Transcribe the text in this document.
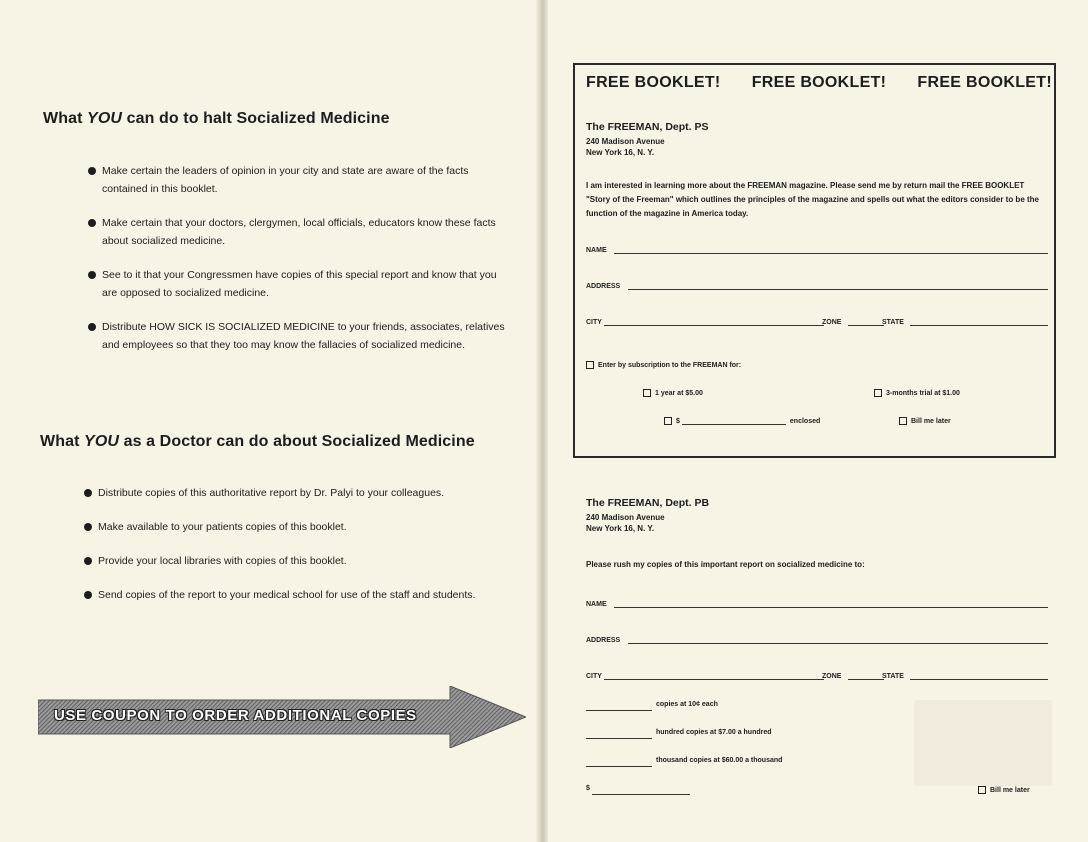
What YOU can do to halt Socialized Medicine
Make certain the leaders of opinion in your city and state are aware of the facts contained in this booklet.
Make certain that your doctors, clergymen, local officials, educators know these facts about socialized medicine.
See to it that your Congressmen have copies of this special report and know that you are opposed to socialized medicine.
Distribute HOW SICK IS SOCIALIZED MEDICINE to your friends, associates, relatives and employees so that they too may know the fallacies of socialized medicine.
What YOU as a Doctor can do about Socialized Medicine
Distribute copies of this authoritative report by Dr. Palyi to your colleagues.
Make available to your patients copies of this booklet.
Provide your local libraries with copies of this booklet.
Send copies of the report to your medical school for use of the staff and students.
USE COUPON TO ORDER ADDITIONAL COPIES
FREE BOOKLET! FREE BOOKLET! FREE BOOKLET!
The FREEMAN, Dept. PS
240 Madison Avenue
New York 16, N. Y.
I am interested in learning more about the FREEMAN magazine. Please send me by return mail the FREE BOOKLET "Story of the Freeman" which outlines the principles of the magazine and spells out what the editors consider to be the function of the magazine in America today.
NAME
ADDRESS
CITY	ZONE	STATE
Enter by subscription to the FREEMAN for:
1 year at $5.00	3-months trial at $1.00
$	enclosed	Bill me later
The FREEMAN, Dept. PB
240 Madison Avenue
New York 16, N. Y.
Please rush my copies of this important report on socialized medicine to:
NAME
ADDRESS
CITY	ZONE	STATE
copies at 10¢ each
hundred copies at $7.00 a hundred
thousand copies at $60.00 a thousand
$	Bill me later
